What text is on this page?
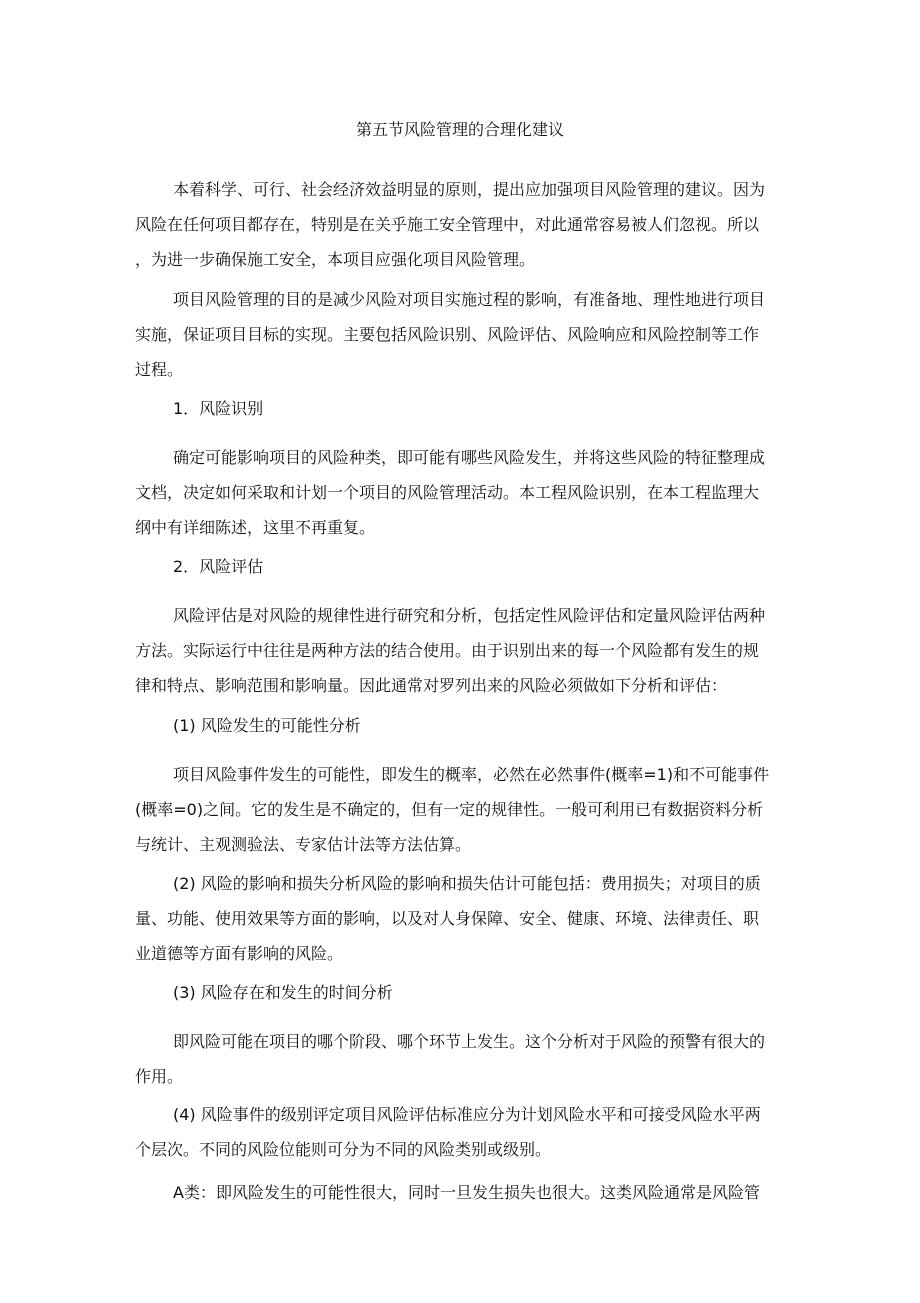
第五节风险管理的合理化建议
本着科学、可行、社会经济效益明显的原则，提出应加强项目风险管理的建议。因为
风险在任何项目都存在，特别是在关乎施工安全管理中，对此通常容易被人们忽视。所以
，为进一步确保施工安全，本项目应强化项目风险管理。
项目风险管理的目的是减少风险对项目实施过程的影响，有准备地、理性地进行项目
实施，保证项目目标的实现。主要包括风险识别、风险评估、风险响应和风险控制等工作
过程。
1．风险识别
确定可能影响项目的风险种类，即可能有哪些风险发生，并将这些风险的特征整理成
文档，决定如何采取和计划一个项目的风险管理活动。本工程风险识别，在本工程监理大
纲中有详细陈述，这里不再重复。
2．风险评估
风险评估是对风险的规律性进行研究和分析，包括定性风险评估和定量风险评估两种
方法。实际运行中往往是两种方法的结合使用。由于识别出来的每一个风险都有发生的规
律和特点、影响范围和影响量。因此通常对罗列出来的风险必须做如下分析和评估：
(1) 风险发生的可能性分析
项目风险事件发生的可能性，即发生的概率，必然在必然事件(概率=1)和不可能事件
(概率=0)之间。它的发生是不确定的，但有一定的规律性。一般可利用已有数据资料分析
与统计、主观测验法、专家估计法等方法估算。
(2) 风险的影响和损失分析风险的影响和损失估计可能包括：费用损失；对项目的质
量、功能、使用效果等方面的影响，以及对人身保障、安全、健康、环境、法律责任、职
业道德等方面有影响的风险。
(3) 风险存在和发生的时间分析
即风险可能在项目的哪个阶段、哪个环节上发生。这个分析对于风险的预警有很大的
作用。
(4) 风险事件的级别评定项目风险评估标准应分为计划风险水平和可接受风险水平两
个层次。不同的风险位能则可分为不同的风险类别或级别。
A类：即风险发生的可能性很大，同时一旦发生损失也很大。这类风险通常是风险管
